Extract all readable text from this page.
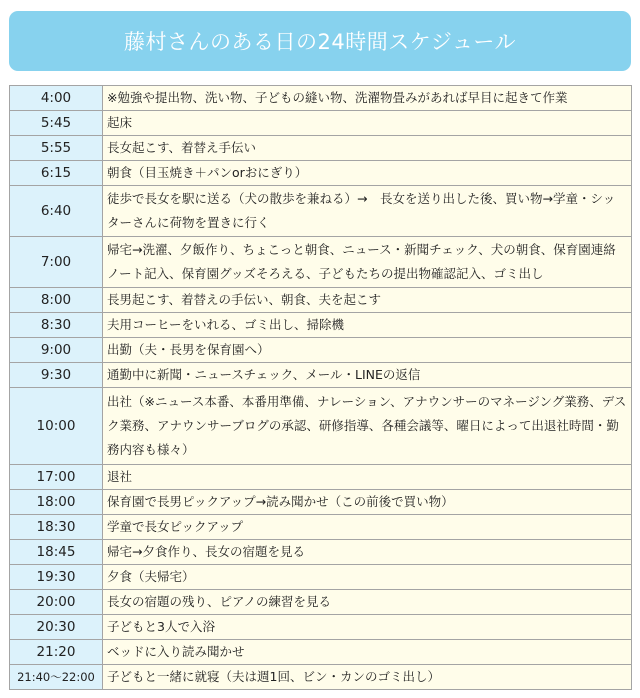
藤村さんのある日の24時間スケジュール
4:00	※勉強や提出物、洗い物、子どもの縫い物、洗濯物畳みがあれば早目に起きて作業
5:45	起床
5:55	長女起こす、着替え手伝い
6:15	朝食（目玉焼き＋パンorおにぎり）
6:40	徒歩で長女を駅に送る（犬の散歩を兼ねる）→　長女を送り出した後、買い物→学童・シッターさんに荷物を置きに行く
7:00	帰宅→洗濯、夕飯作り、ちょこっと朝食、ニュース・新聞チェック、犬の朝食、保育園連絡ノート記入、保育園グッズそろえる、子どもたちの提出物確認記入、ゴミ出し
8:00	長男起こす、着替えの手伝い、朝食、夫を起こす
8:30	夫用コーヒーをいれる、ゴミ出し、掃除機
9:00	出勤（夫・長男を保育園へ）
9:30	通勤中に新聞・ニュースチェック、メール・LINEの返信
10:00	出社（※ニュース本番、本番用準備、ナレーション、アナウンサーのマネージング業務、デスク業務、アナウンサーブログの承認、研修指導、各種会議等、曜日によって出退社時間・勤務内容も様々）
17:00	退社
18:00	保育園で長男ピックアップ→読み聞かせ（この前後で買い物）
18:30	学童で長女ピックアップ
18:45	帰宅→夕食作り、長女の宿題を見る
19:30	夕食（夫帰宅）
20:00	長女の宿題の残り、ピアノの練習を見る
20:30	子どもと3人で入浴
21:20	ベッドに入り読み聞かせ
21:40～22:00	子どもと一緒に就寝（夫は週1回、ビン・カンのゴミ出し）
